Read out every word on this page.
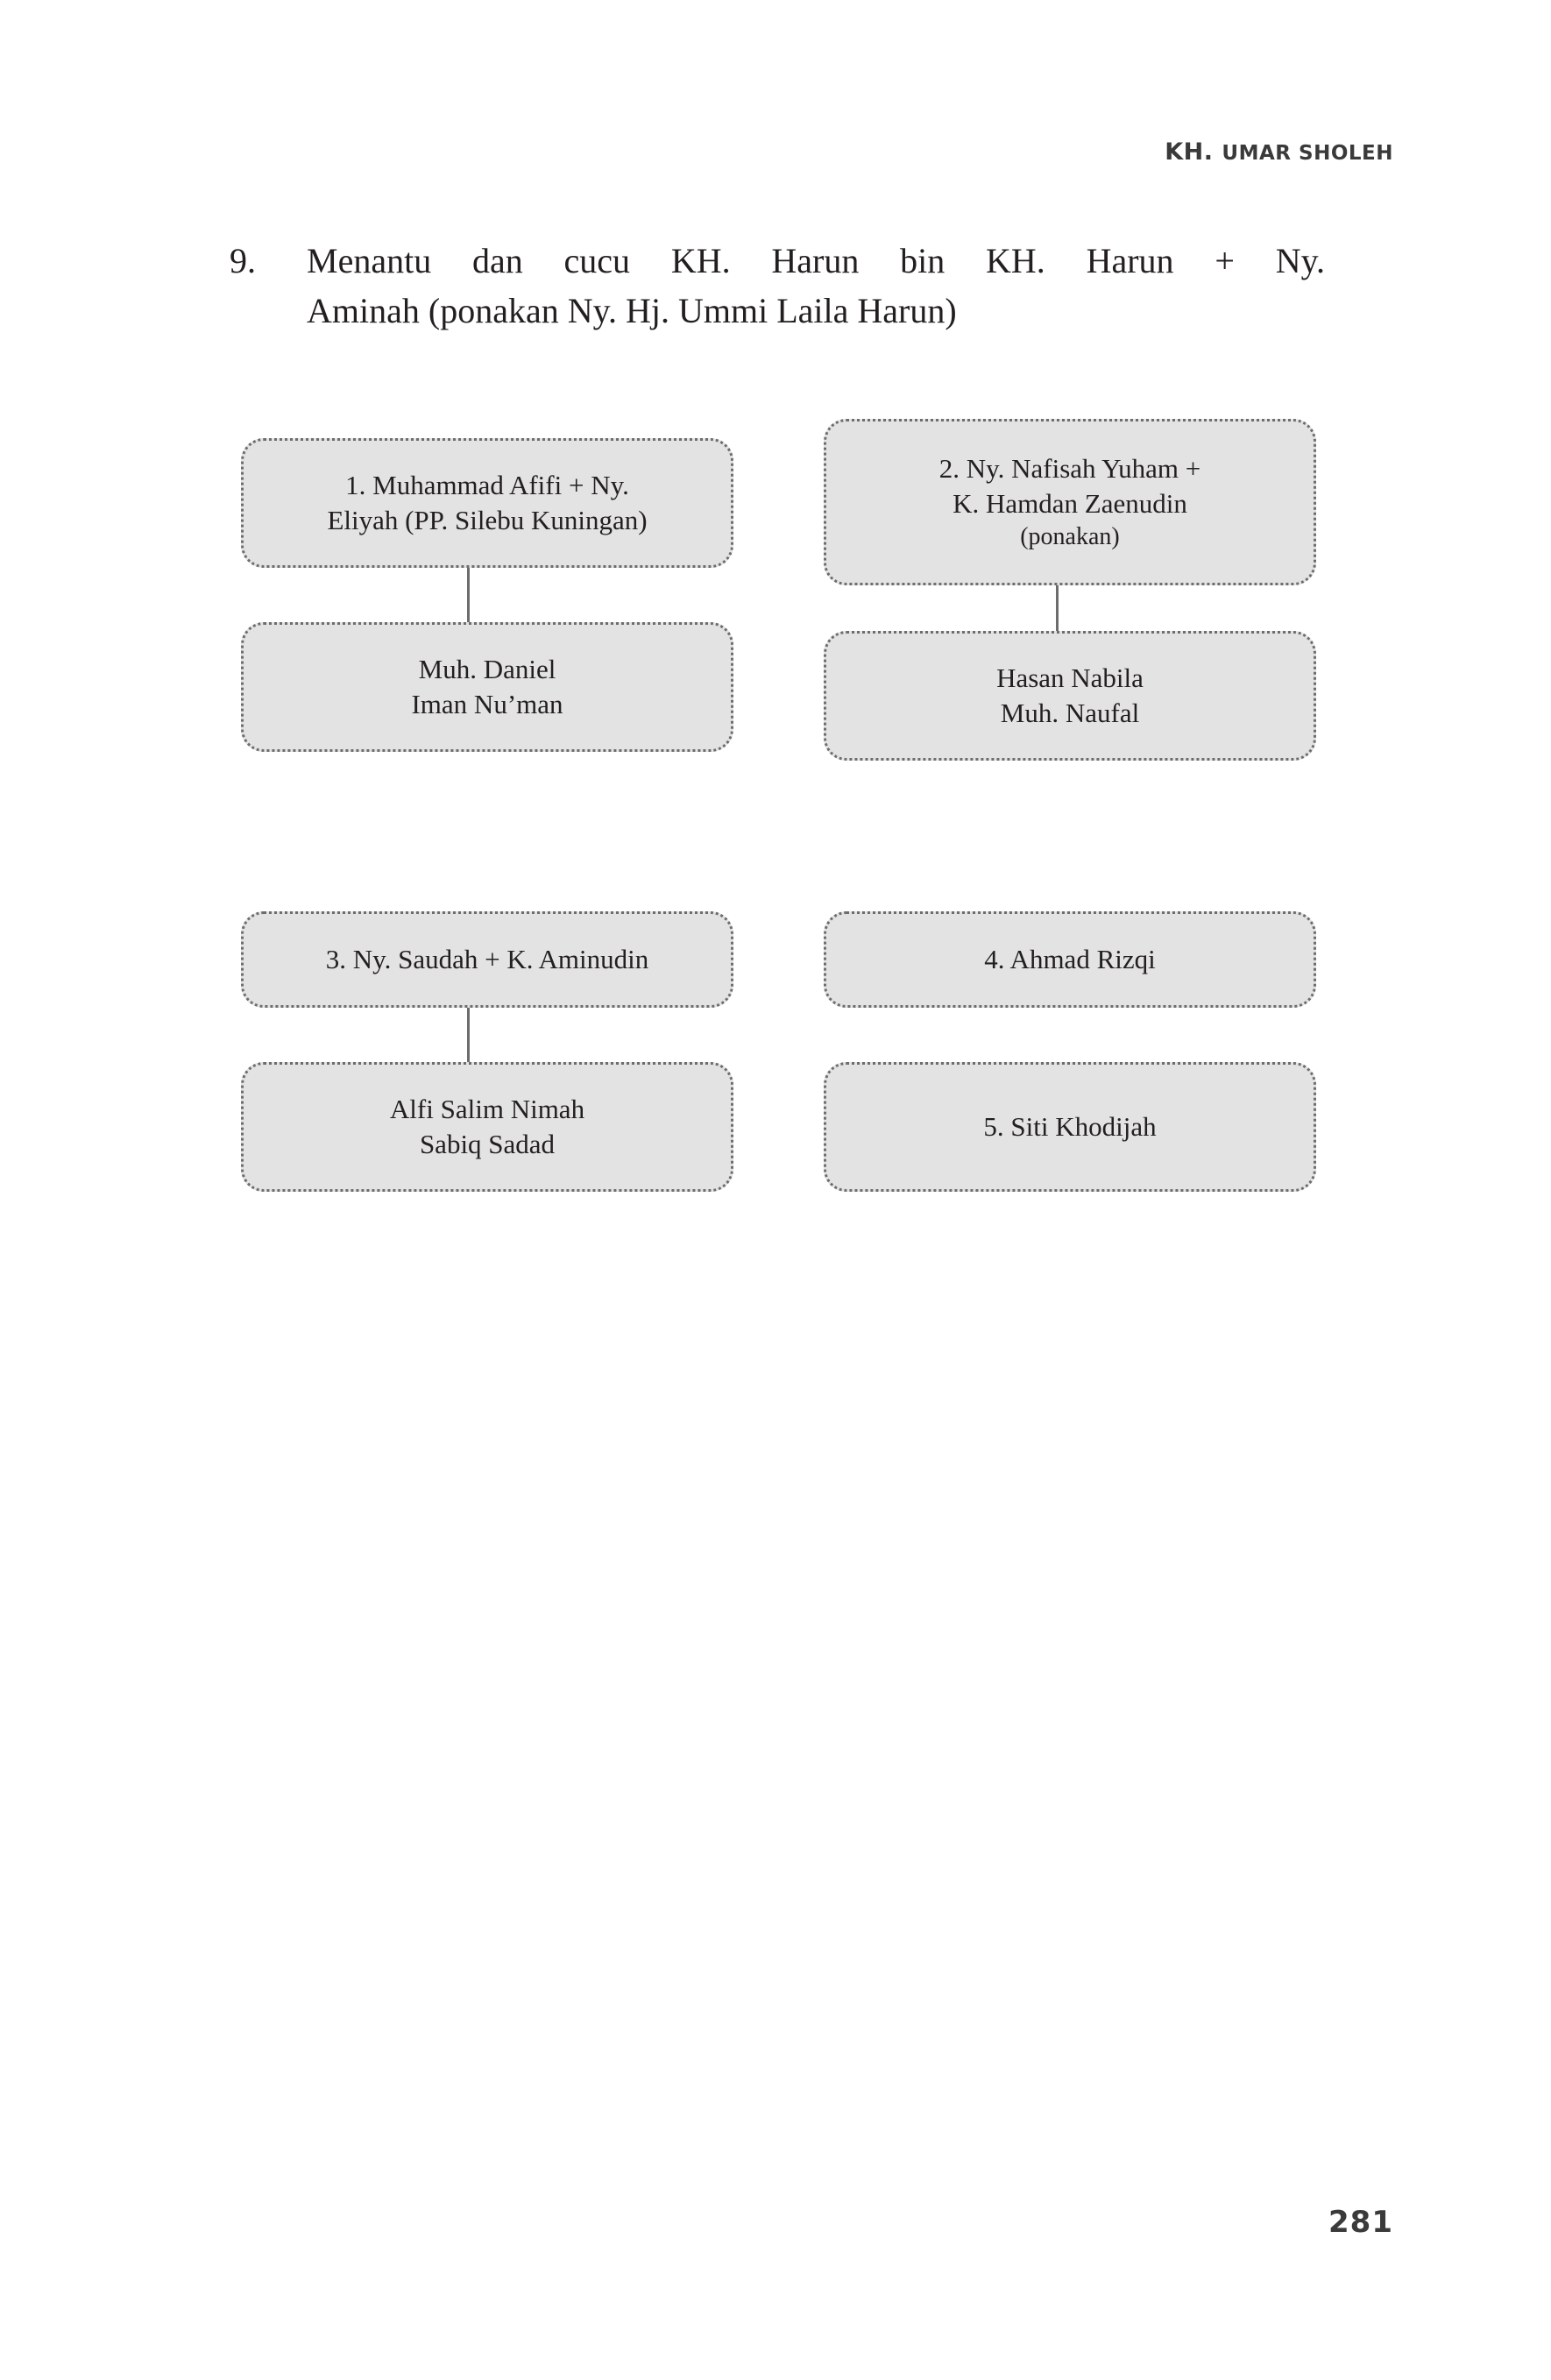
KH. UMAR SHOLEH
9.	Menantu dan cucu KH. Harun bin KH. Harun + Ny.
Aminah (ponakan Ny. Hj. Ummi Laila Harun)
1. Muhammad Afifi + Ny.
Eliyah (PP. Silebu Kuningan)
2. Ny. Nafisah Yuham +
K. Hamdan Zaenudin
(ponakan)
Muh. Daniel
Iman Nu’man
Hasan Nabila
Muh. Naufal
3. Ny. Saudah + K. Aminudin	4. Ahmad Rizqi
Alfi Salim Nimah
Sabiq Sadad
5. Siti Khodijah
281
